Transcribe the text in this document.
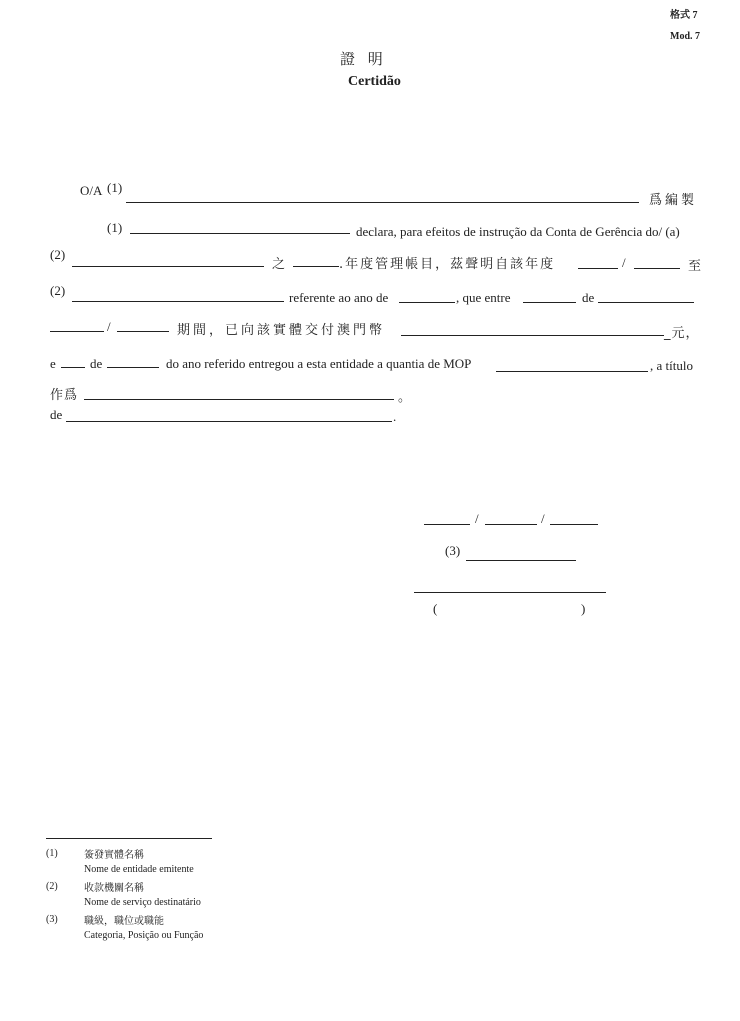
格式 7
Mod. 7
證 明
Certidão
O/A (1)
爲編製
(1)	declara, para efeitos de instrução da Conta de Gerência do/ (a)
(2)
之	.年度管理帳目，茲聲明自該年度	/	至
(2)	referente ao ano de	, que entre	de
/	期間，已向該實體交付澳門幣	_元，
e	de	do ano referido entregou a esta entidade a quantia de MOP	, a título
作爲	。
de	.
/	/
(3)
(	)
(1)	簽發實體名稱
Nome de entidade emitente
(2)	收款機關名稱
Nome de serviço destinatário
(3)	職級，職位或職能
Categoria, Posição ou Função
